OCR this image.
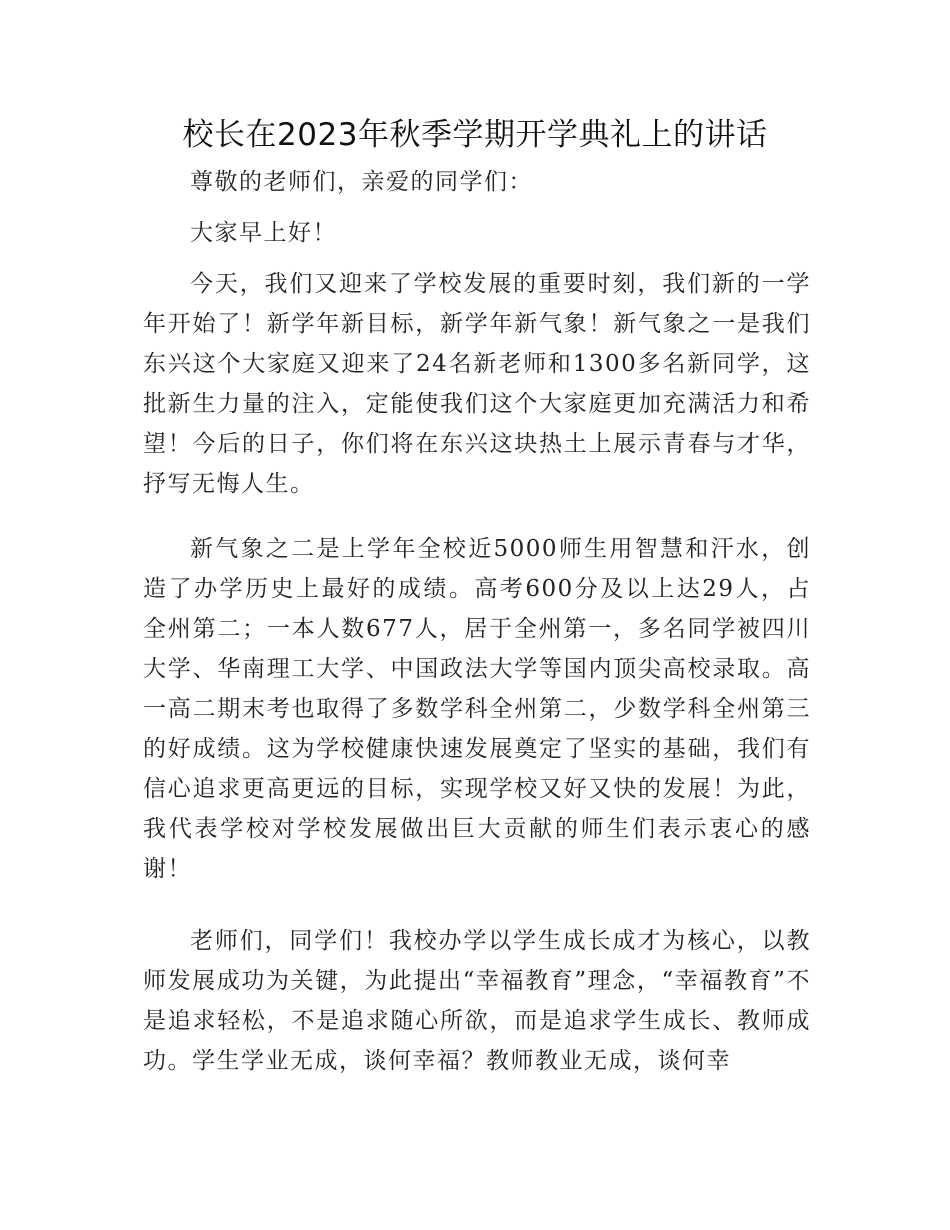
校长在2023年秋季学期开学典礼上的讲话

尊敬的老师们，亲爱的同学们：

大家早上好！

今天，我们又迎来了学校发展的重要时刻，我们新的一学年开始了！新学年新目标，新学年新气象！新气象之一是我们东兴这个大家庭又迎来了24名新老师和1300多名新同学，这批新生力量的注入，定能使我们这个大家庭更加充满活力和希望！今后的日子，你们将在东兴这块热土上展示青春与才华，抒写无悔人生。

新气象之二是上学年全校近5000师生用智慧和汗水，创造了办学历史上最好的成绩。高考600分及以上达29人，占全州第二；一本人数677人，居于全州第一，多名同学被四川大学、华南理工大学、中国政法大学等国内顶尖高校录取。高一高二期末考也取得了多数学科全州第二，少数学科全州第三的好成绩。这为学校健康快速发展奠定了坚实的基础，我们有信心追求更高更远的目标，实现学校又好又快的发展！为此，我代表学校对学校发展做出巨大贡献的师生们表示衷心的感谢！

老师们，同学们！我校办学以学生成长成才为核心，以教师发展成功为关键，为此提出“幸福教育”理念，“幸福教育”不是追求轻松，不是追求随心所欲，而是追求学生成长、教师成功。学生学业无成，谈何幸福？教师教业无成，谈何幸
